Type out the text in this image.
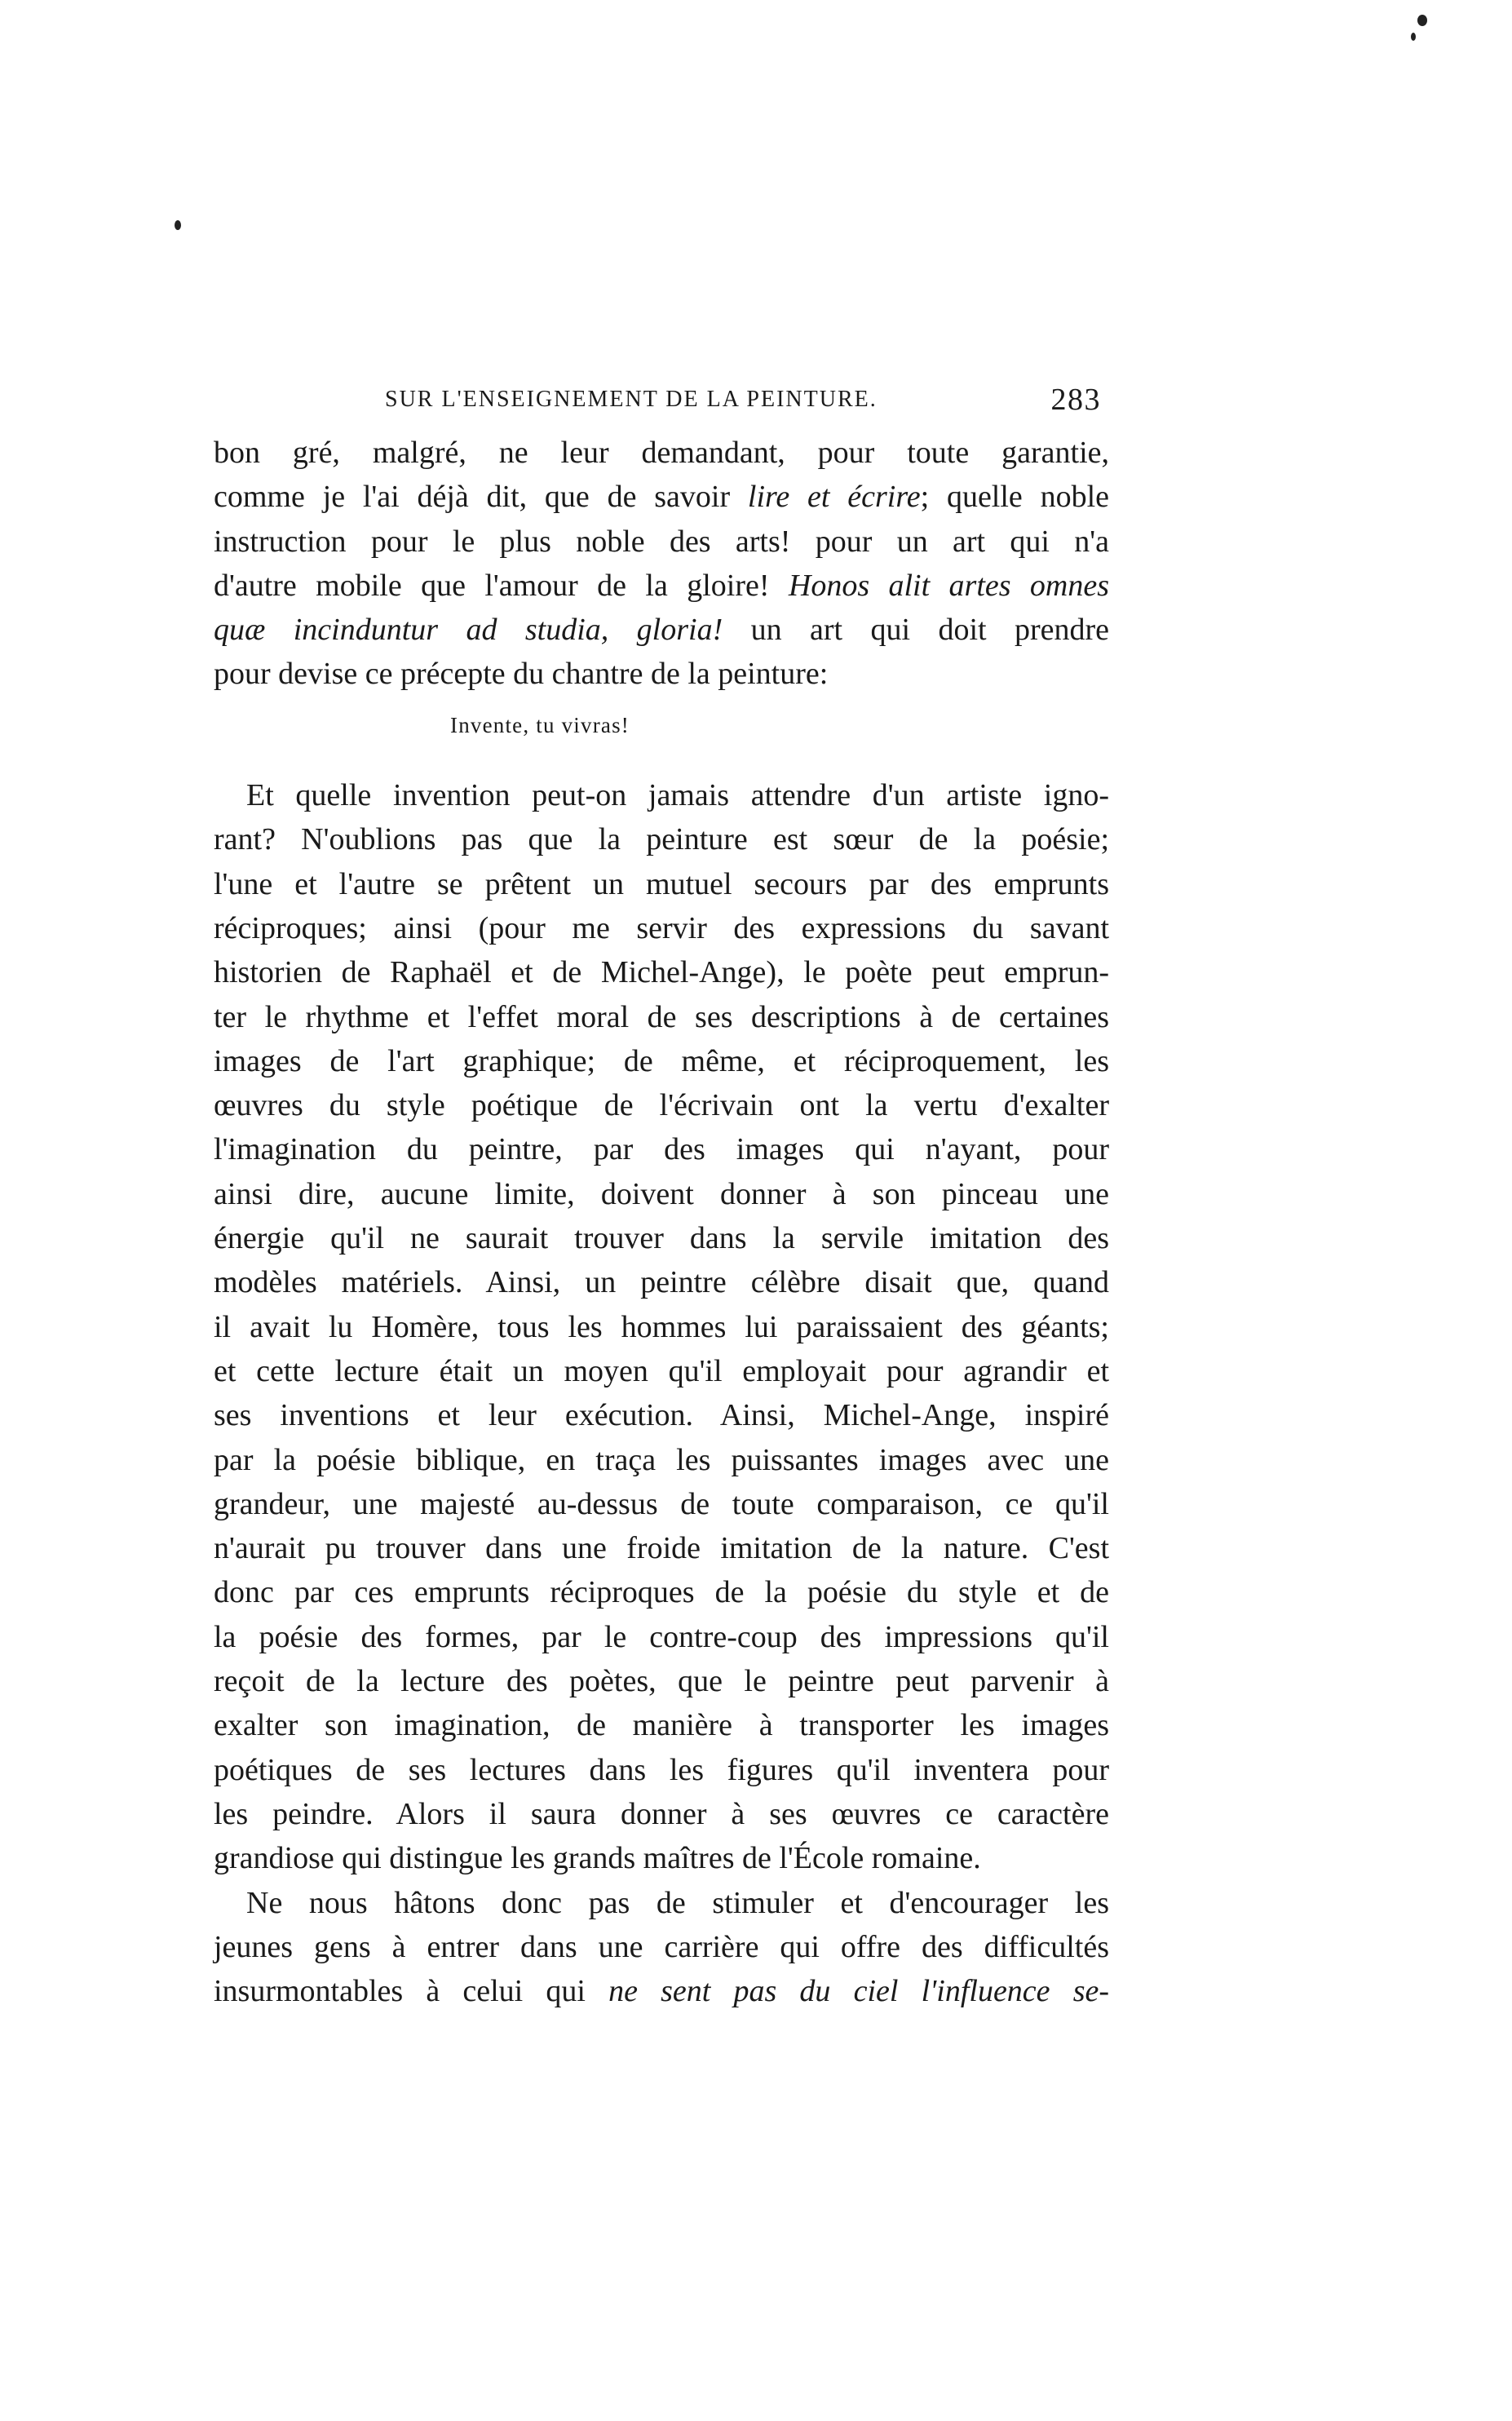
SUR L'ENSEIGNEMENT DE LA PEINTURE.	283
bon gré, malgré, ne leur demandant, pour toute garantie,
comme je l'ai déjà dit, que de savoir lire et écrire; quelle noble
instruction pour le plus noble des arts! pour un art qui n'a
d'autre mobile que l'amour de la gloire! Honos alit artes omnes
quæ incinduntur ad studia, gloria! un art qui doit prendre
pour devise ce précepte du chantre de la peinture:
Invente, tu vivras!
Et quelle invention peut-on jamais attendre d'un artiste igno-
rant? N'oublions pas que la peinture est sœur de la poésie;
l'une et l'autre se prêtent un mutuel secours par des emprunts
réciproques; ainsi (pour me servir des expressions du savant
historien de Raphaël et de Michel-Ange), le poète peut emprun-
ter le rhythme et l'effet moral de ses descriptions à de certaines
images de l'art graphique; de même, et réciproquement, les
œuvres du style poétique de l'écrivain ont la vertu d'exalter
l'imagination du peintre, par des images qui n'ayant, pour
ainsi dire, aucune limite, doivent donner à son pinceau une
énergie qu'il ne saurait trouver dans la servile imitation des
modèles matériels. Ainsi, un peintre célèbre disait que, quand
il avait lu Homère, tous les hommes lui paraissaient des géants;
et cette lecture était un moyen qu'il employait pour agrandir et
ses inventions et leur exécution. Ainsi, Michel-Ange, inspiré
par la poésie biblique, en traça les puissantes images avec une
grandeur, une majesté au-dessus de toute comparaison, ce qu'il
n'aurait pu trouver dans une froide imitation de la nature. C'est
donc par ces emprunts réciproques de la poésie du style et de
la poésie des formes, par le contre-coup des impressions qu'il
reçoit de la lecture des poètes, que le peintre peut parvenir à
exalter son imagination, de manière à transporter les images
poétiques de ses lectures dans les figures qu'il inventera pour
les peindre. Alors il saura donner à ses œuvres ce caractère
grandiose qui distingue les grands maîtres de l'École romaine.
Ne nous hâtons donc pas de stimuler et d'encourager les
jeunes gens à entrer dans une carrière qui offre des difficultés
insurmontables à celui qui ne sent pas du ciel l'influence se-
